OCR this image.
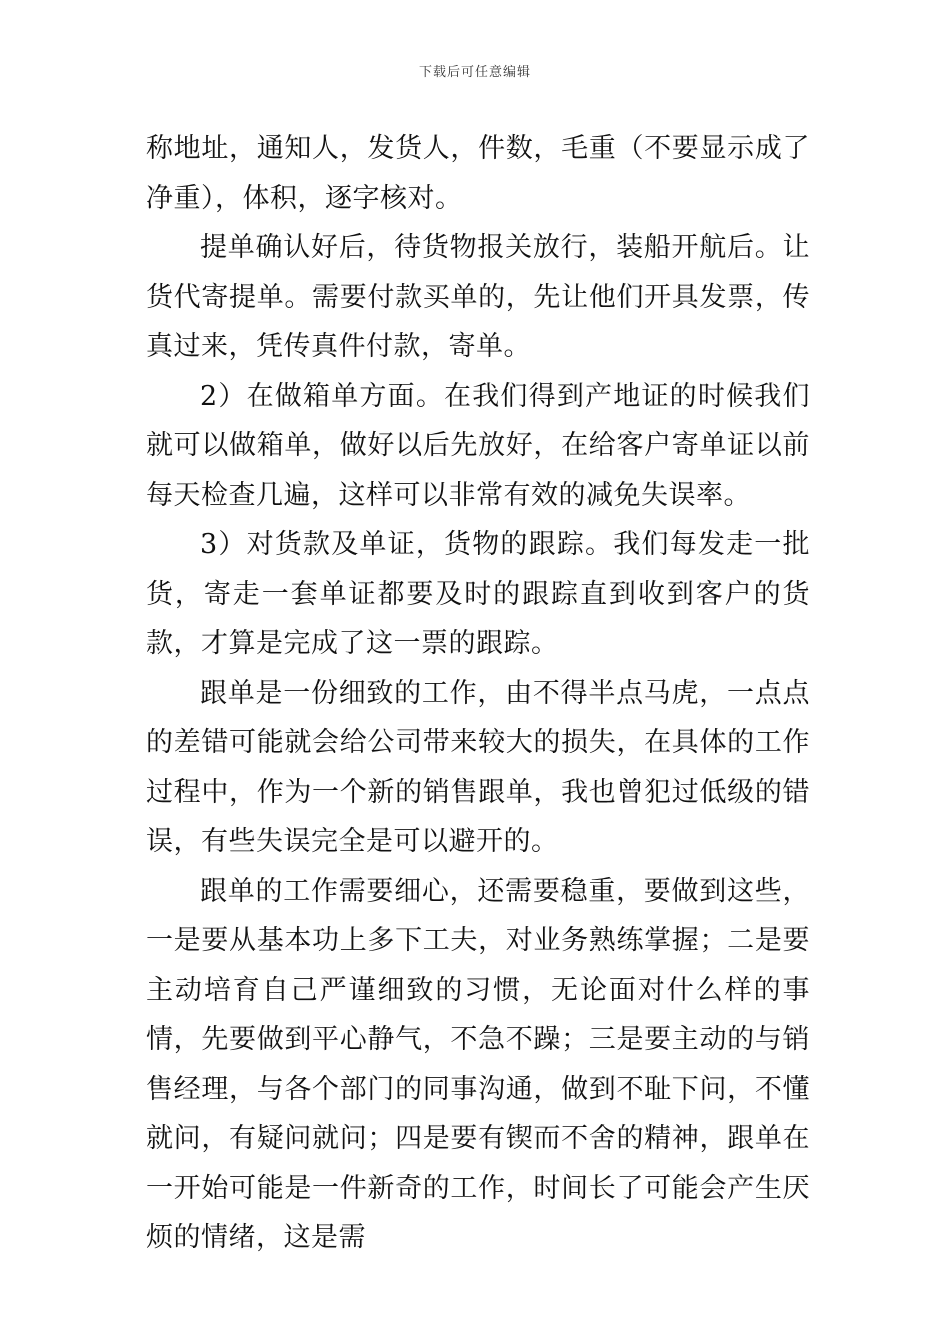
下载后可任意编辑

称地址，通知人，发货人，件数，毛重（不要显示成了净重），体积，逐字核对。

提单确认好后，待货物报关放行，装船开航后。让货代寄提单。需要付款买单的，先让他们开具发票，传真过来，凭传真件付款，寄单。

2）在做箱单方面。在我们得到产地证的时候我们就可以做箱单，做好以后先放好，在给客户寄单证以前每天检查几遍，这样可以非常有效的减免失误率。

3）对货款及单证，货物的跟踪。我们每发走一批货，寄走一套单证都要及时的跟踪直到收到客户的货款，才算是完成了这一票的跟踪。

跟单是一份细致的工作，由不得半点马虎，一点点的差错可能就会给公司带来较大的损失，在具体的工作过程中，作为一个新的销售跟单，我也曾犯过低级的错误，有些失误完全是可以避开的。

跟单的工作需要细心，还需要稳重，要做到这些，一是要从基本功上多下工夫，对业务熟练掌握；二是要主动培育自己严谨细致的习惯，无论面对什么样的事情，先要做到平心静气，不急不躁；三是要主动的与销售经理，与各个部门的同事沟通，做到不耻下问，不懂就问，有疑问就问；四是要有锲而不舍的精神，跟单在一开始可能是一件新奇的工作，时间长了可能会产生厌烦的情绪，这是需
